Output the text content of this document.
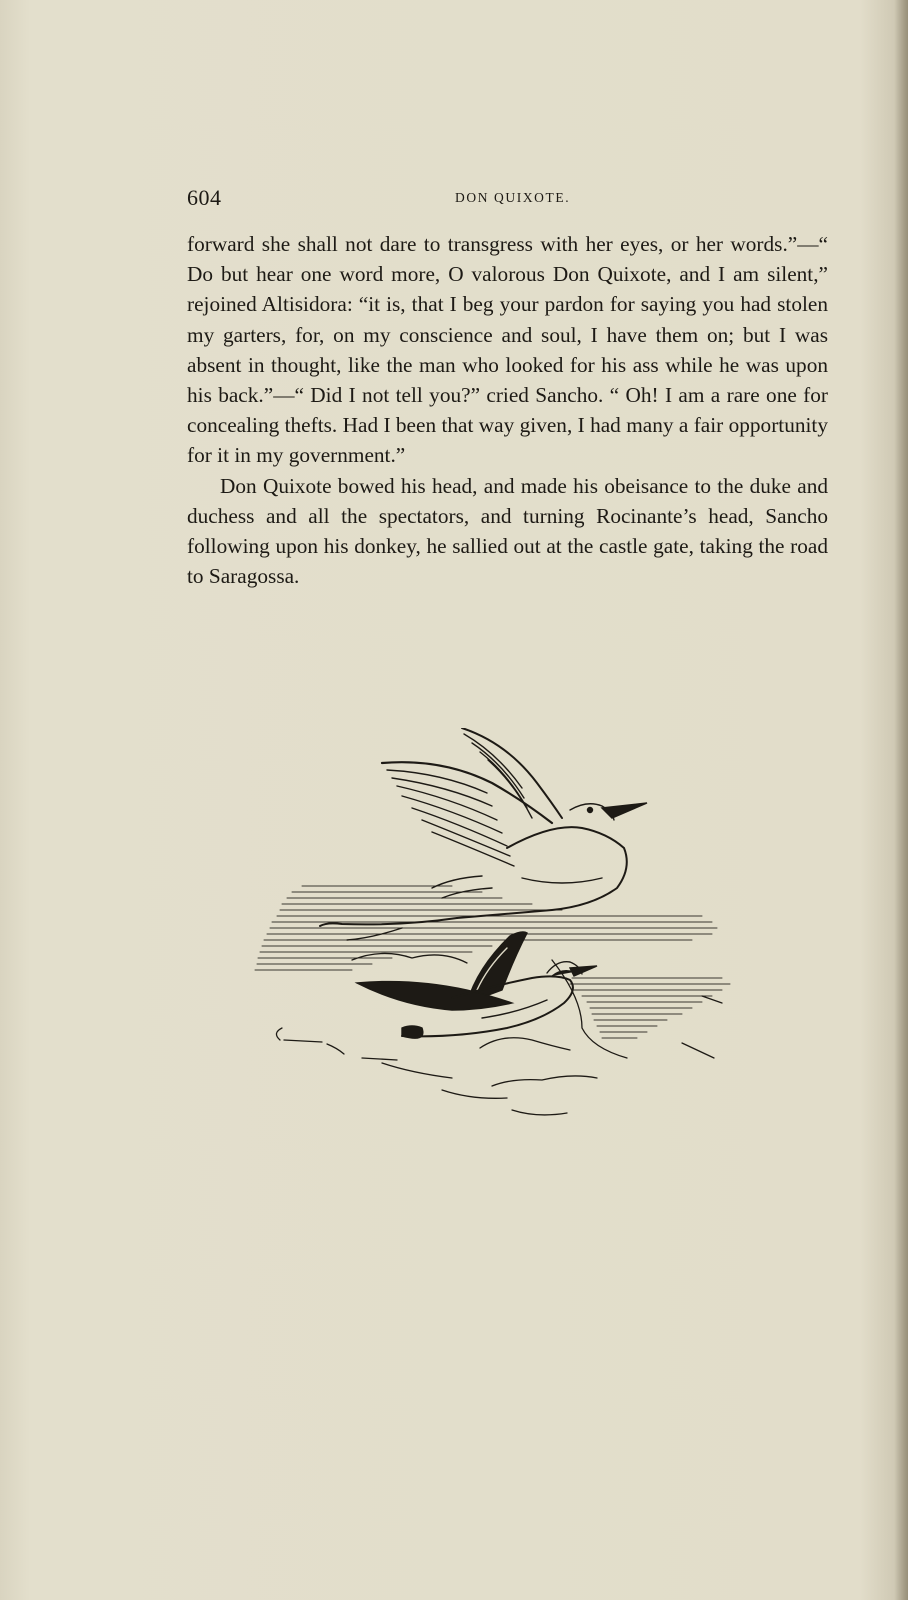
604	DON QUIXOTE.

forward she shall not dare to transgress with her eyes, or her words.”—“ Do but hear one word more, O valorous Don Quixote, and I am silent,” rejoined Altisidora: “it is, that I beg your pardon for saying you had stolen my garters, for, on my conscience and soul, I have them on; but I was absent in thought, like the man who looked for his ass while he was upon his back.”—“ Did I not tell you?” cried Sancho. “ Oh! I am a rare one for concealing thefts. Had I been that way given, I had many a fair opportunity for it in my government.”

Don Quixote bowed his head, and made his obeisance to the duke and duchess and all the spectators, and turning Rocinante’s head, Sancho following upon his donkey, he sallied out at the castle gate, taking the road to Saragossa.
